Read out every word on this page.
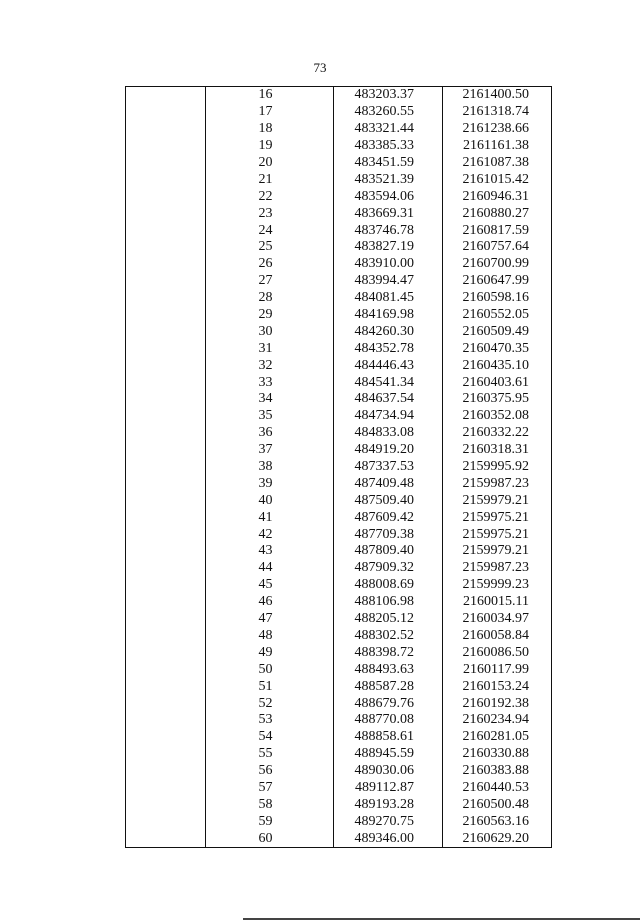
73
	16	483203.37	2161400.50
	17	483260.55	2161318.74
	18	483321.44	2161238.66
	19	483385.33	2161161.38
	20	483451.59	2161087.38
	21	483521.39	2161015.42
	22	483594.06	2160946.31
	23	483669.31	2160880.27
	24	483746.78	2160817.59
	25	483827.19	2160757.64
	26	483910.00	2160700.99
	27	483994.47	2160647.99
	28	484081.45	2160598.16
	29	484169.98	2160552.05
	30	484260.30	2160509.49
	31	484352.78	2160470.35
	32	484446.43	2160435.10
	33	484541.34	2160403.61
	34	484637.54	2160375.95
	35	484734.94	2160352.08
	36	484833.08	2160332.22
	37	484919.20	2160318.31
	38	487337.53	2159995.92
	39	487409.48	2159987.23
	40	487509.40	2159979.21
	41	487609.42	2159975.21
	42	487709.38	2159975.21
	43	487809.40	2159979.21
	44	487909.32	2159987.23
	45	488008.69	2159999.23
	46	488106.98	2160015.11
	47	488205.12	2160034.97
	48	488302.52	2160058.84
	49	488398.72	2160086.50
	50	488493.63	2160117.99
	51	488587.28	2160153.24
	52	488679.76	2160192.38
	53	488770.08	2160234.94
	54	488858.61	2160281.05
	55	488945.59	2160330.88
	56	489030.06	2160383.88
	57	489112.87	2160440.53
	58	489193.28	2160500.48
	59	489270.75	2160563.16
	60	489346.00	2160629.20
